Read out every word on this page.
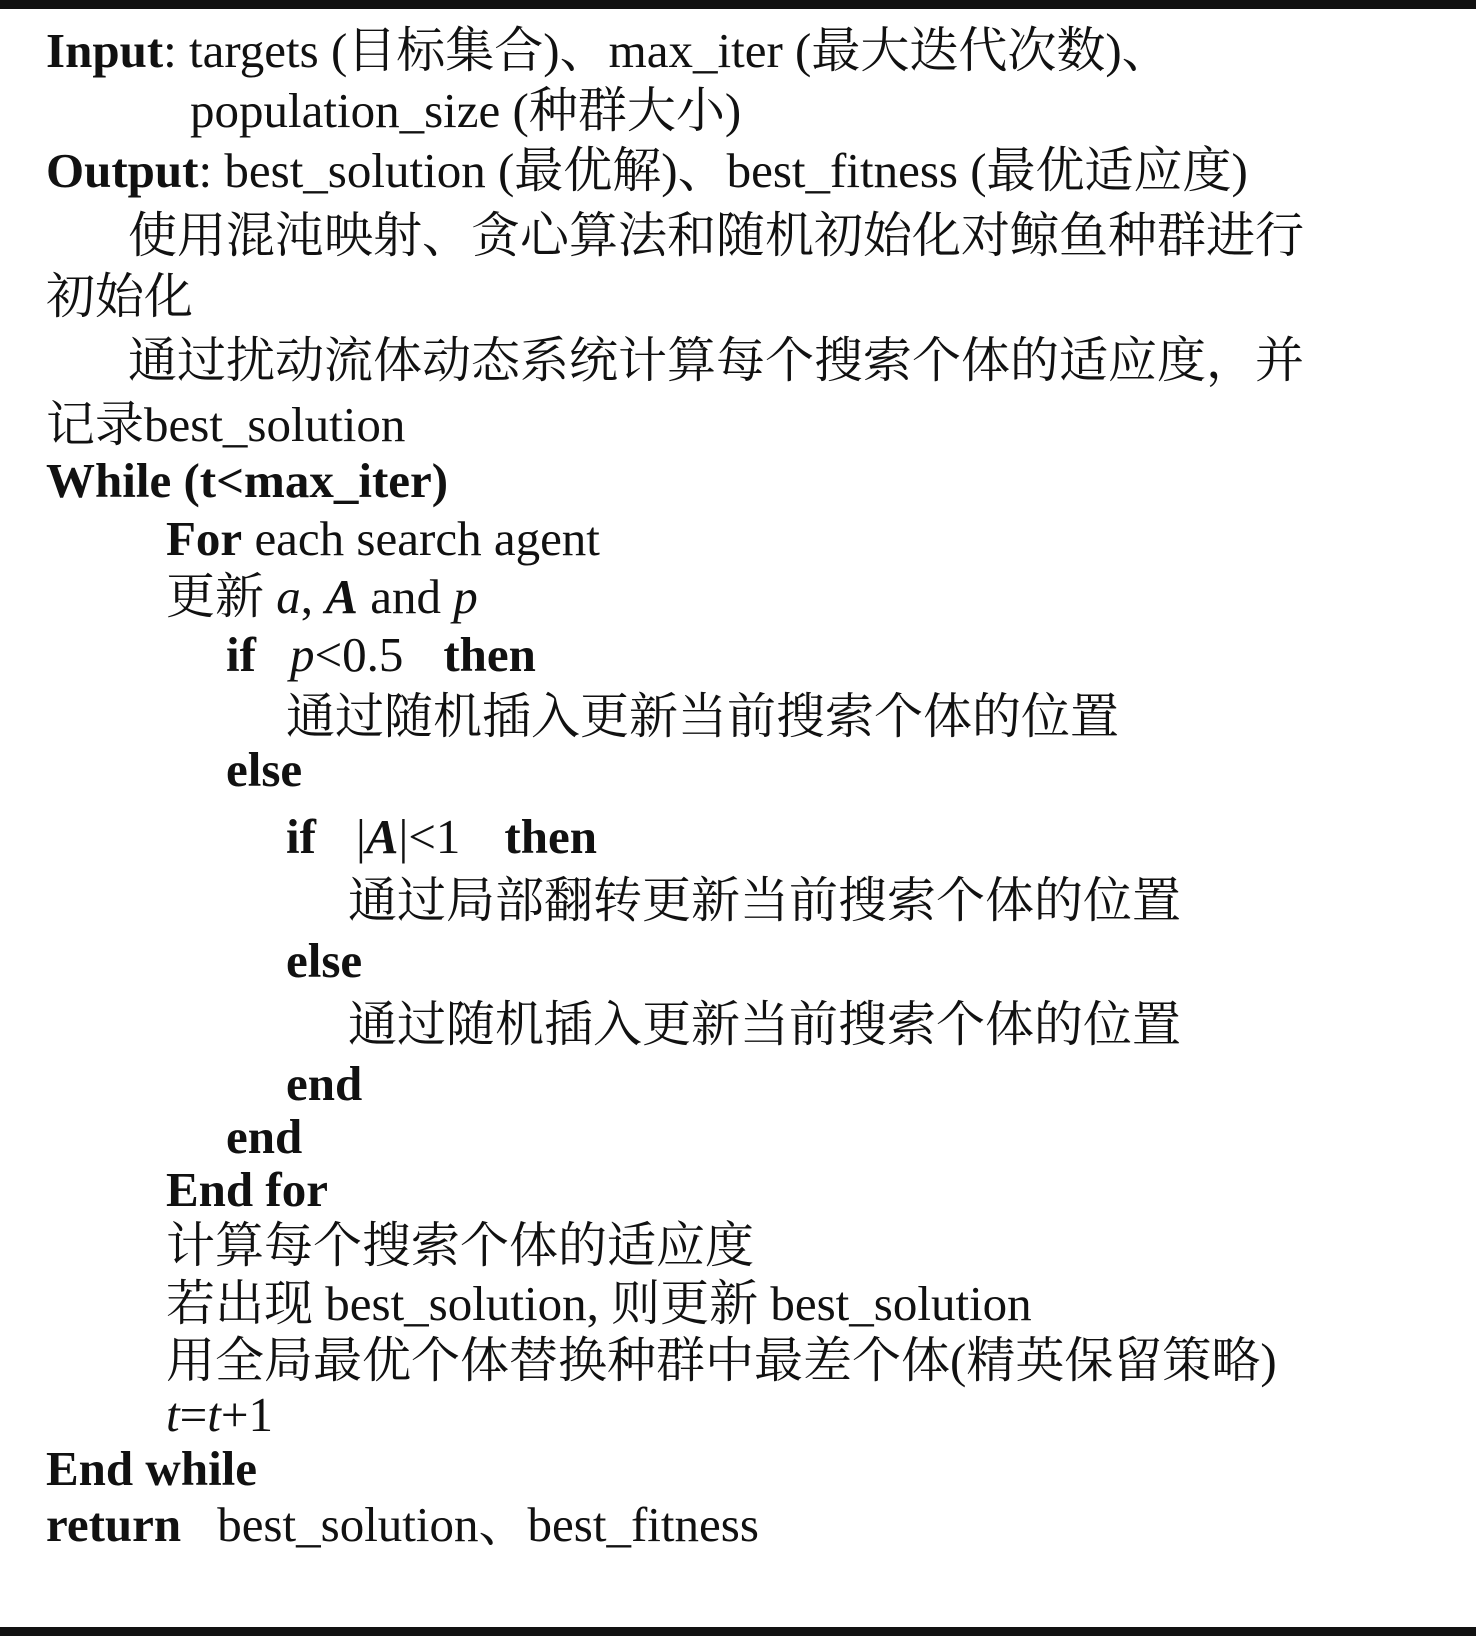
Input: targets (目标集合)、max_iter (最大迭代次数)、
population_size (种群大小)
Output: best_solution (最优解)、best_fitness (最优适应度)
使用混沌映射、贪心算法和随机初始化对鲸鱼种群进行
初始化
通过扰动流体动态系统计算每个搜索个体的适应度，并
记录best_solution
While (t<max_iter)
For each search agent
更新 a, A and p
if p<0.5 then
通过随机插入更新当前搜索个体的位置
else
if |A|<1 then
通过局部翻转更新当前搜索个体的位置
else
通过随机插入更新当前搜索个体的位置
end
end
End for
计算每个搜索个体的适应度
若出现 best_solution, 则更新 best_solution
用全局最优个体替换种群中最差个体(精英保留策略)
t=t+1
End while
return best_solution、best_fitness
